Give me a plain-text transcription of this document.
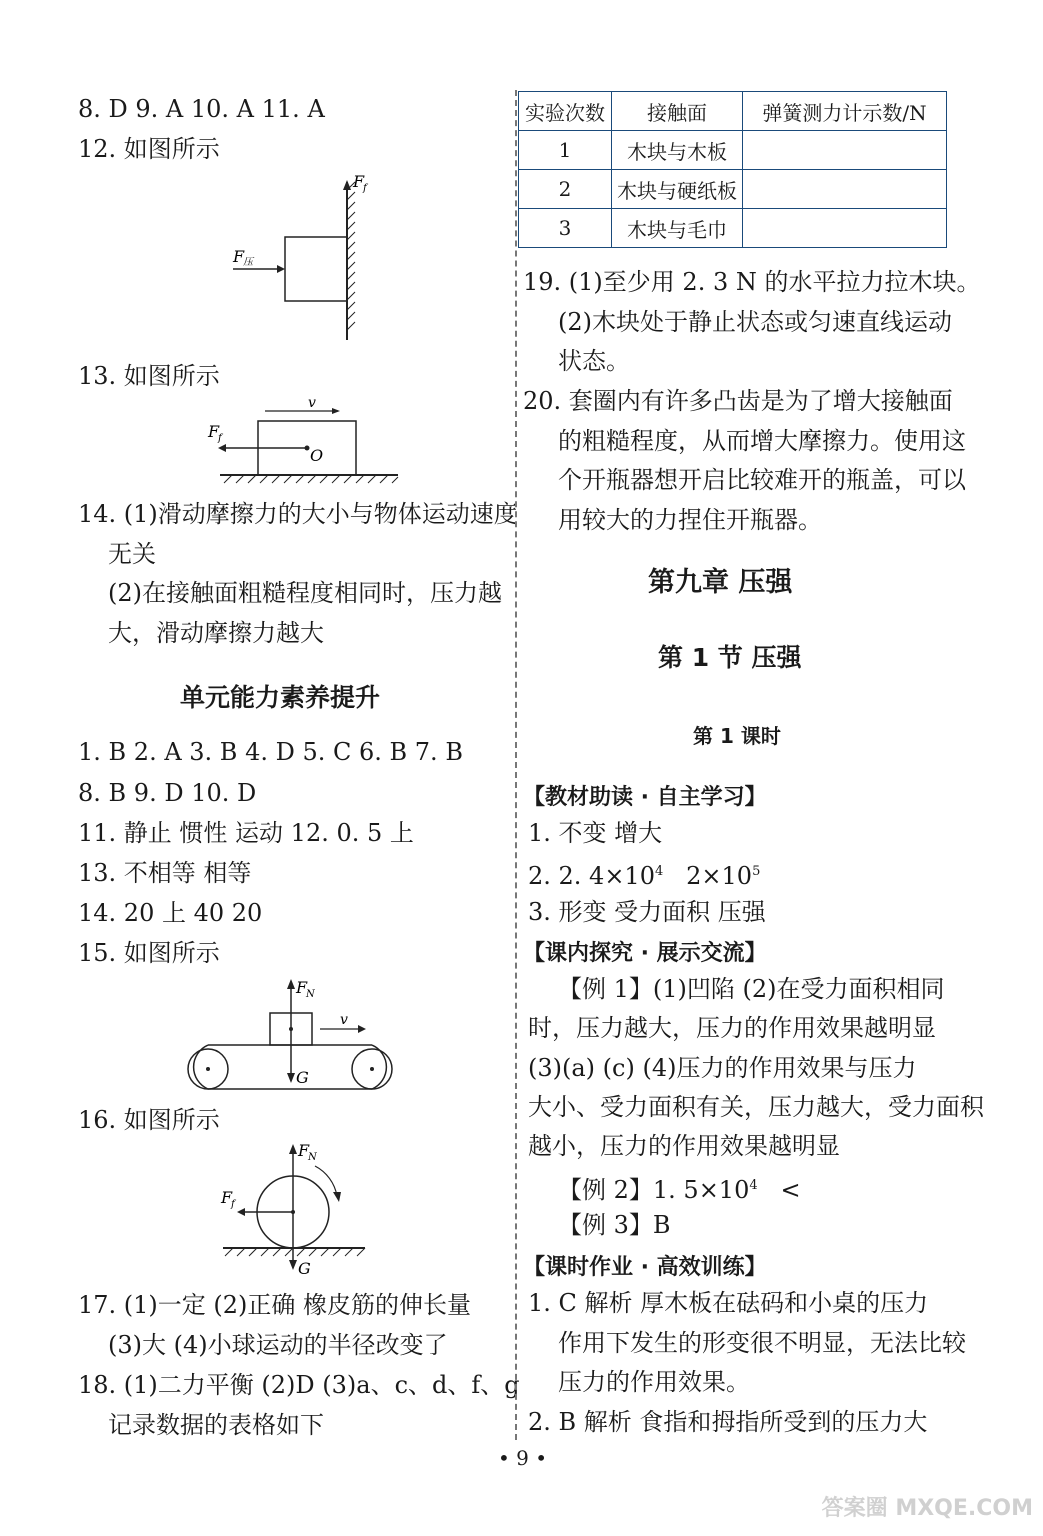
8. D 9. A 10. A 11. A
12. 如图所示
F
f
F
压
13. 如图所示
v
F
f
O
14. (1)滑动摩擦力的大小与物体运动速度
无关
(2)在接触面粗糙程度相同时，压力越
大，滑动摩擦力越大
单元能力素养提升
1. B 2. A 3. B 4. D 5. C 6. B 7. B
8. B 9. D 10. D
11. 静止 惯性 运动 12. 0. 5 上
13. 不相等 相等
14. 20 上 40 20
15. 如图所示
F
N
v
G
16. 如图所示
F
N
F
f
G
17. (1)一定 (2)正确 橡皮筋的伸长量
(3)大 (4)小球运动的半径改变了
18. (1)二力平衡 (2)D (3)a、c、d、f、g
记录数据的表格如下
实验次数	接触面	弹簧测力计示数/N
1	木块与木板	
2	木块与硬纸板	
3	木块与毛巾	
19. (1)至少用 2. 3 N 的水平拉力拉木块。
(2)木块处于静止状态或匀速直线运动
状态。
20. 套圈内有许多凸齿是为了增大接触面
的粗糙程度，从而增大摩擦力。使用这
个开瓶器想开启比较难开的瓶盖，可以
用较大的力捏住开瓶器。
第九章 压强
第 1 节 压强
第 1 课时
【教材助读 · 自主学习】
1. 不变 增大
2. 2. $4\times 10^4$ $2\times 10^5$
3. 形变 受力面积 压强
【课内探究 · 展示交流】
【例 1】(1)凹陷 (2)在受力面积相同
时，压力越大，压力的作用效果越明显
(3)(a) (c) (4)压力的作用效果与压力
大小、受力面积有关，压力越大，受力面积
越小，压力的作用效果越明显
【例 2】1. $5\times 10^4$ <
【例 3】B
【课时作业 · 高效训练】
1. C 解析 厚木板在砝码和小桌的压力
作用下发生的形变很不明显，无法比较
压力的作用效果。
2. B 解析 食指和拇指所受到的压力大
• 9 •
答案圈 MXQE.COM
